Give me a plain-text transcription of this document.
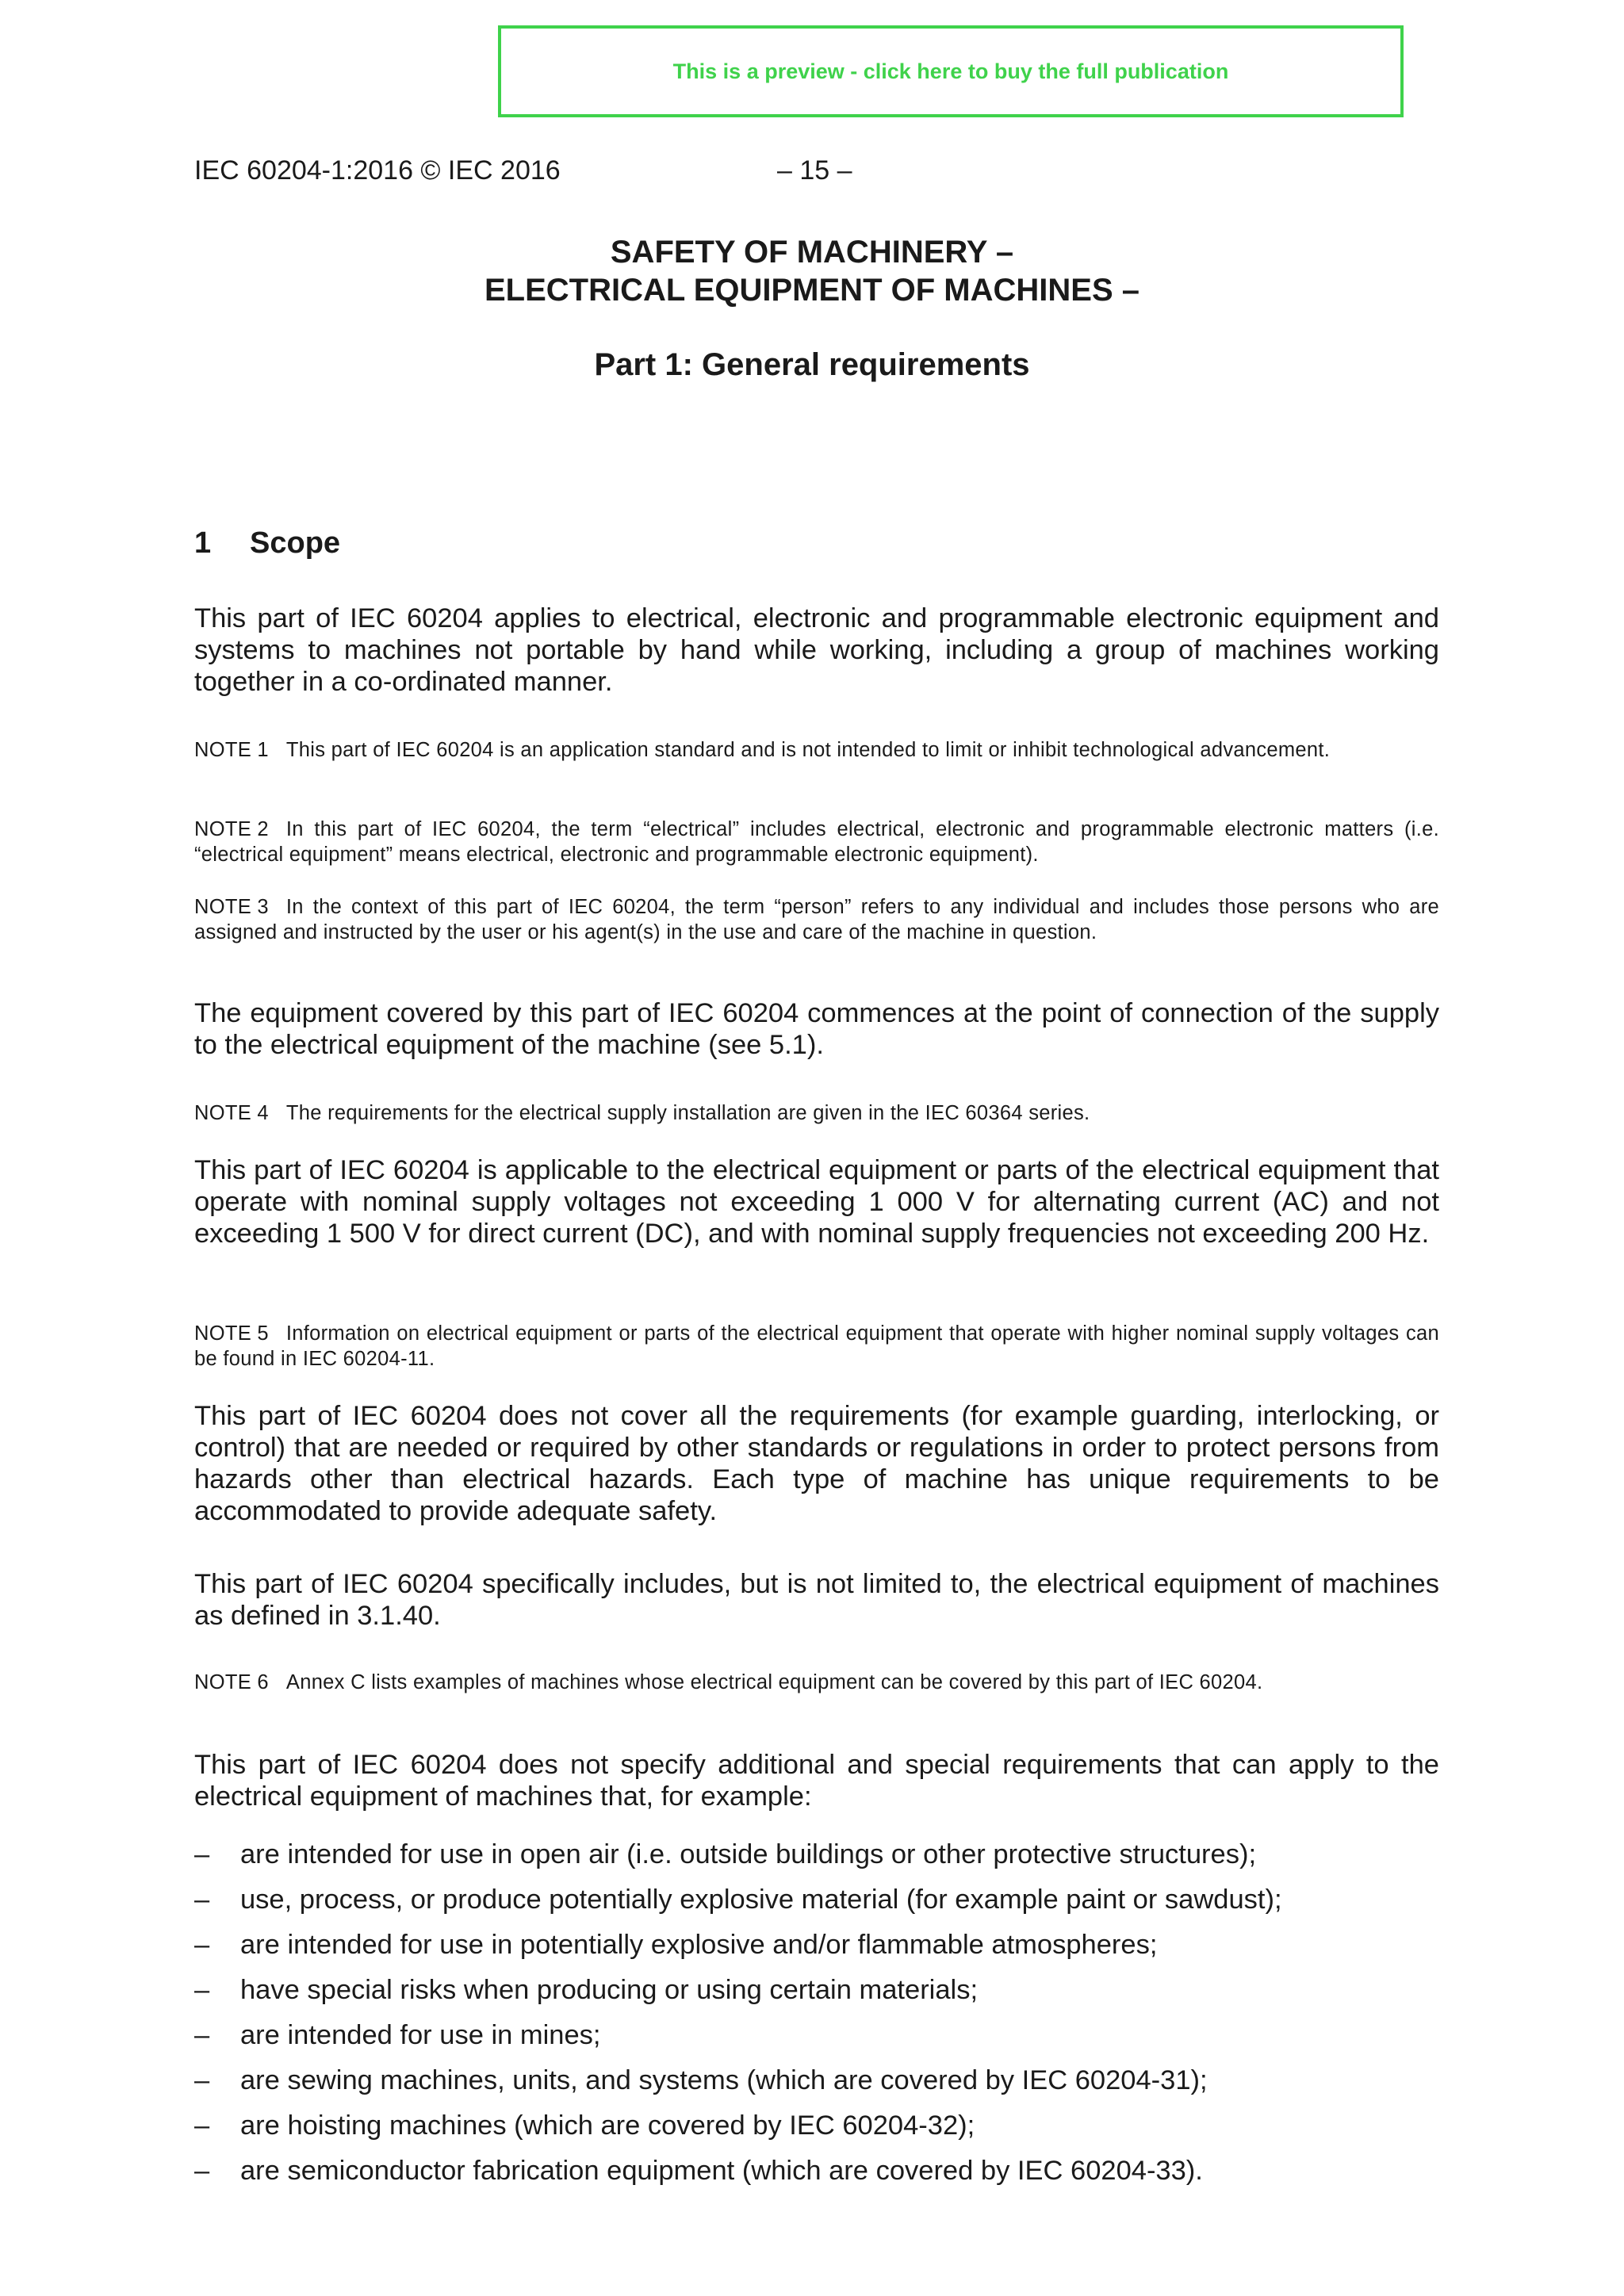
This is a preview - click here to buy the full publication
IEC 60204-1:2016 © IEC 2016	– 15 –
SAFETY OF MACHINERY –
ELECTRICAL EQUIPMENT OF MACHINES –
Part 1: General requirements
1 Scope
This part of IEC 60204 applies to electrical, electronic and programmable electronic equipment and systems to machines not portable by hand while working, including a group of machines working together in a co-ordinated manner.
NOTE 1 This part of IEC 60204 is an application standard and is not intended to limit or inhibit technological advancement.
NOTE 2 In this part of IEC 60204, the term “electrical” includes electrical, electronic and programmable electronic matters (i.e. “electrical equipment” means electrical, electronic and programmable electronic equipment).
NOTE 3 In the context of this part of IEC 60204, the term “person” refers to any individual and includes those persons who are assigned and instructed by the user or his agent(s) in the use and care of the machine in question.
The equipment covered by this part of IEC 60204 commences at the point of connection of the supply to the electrical equipment of the machine (see 5.1).
NOTE 4 The requirements for the electrical supply installation are given in the IEC 60364 series.
This part of IEC 60204 is applicable to the electrical equipment or parts of the electrical equipment that operate with nominal supply voltages not exceeding 1 000 V for alternating current (AC) and not exceeding 1 500 V for direct current (DC), and with nominal supply frequencies not exceeding 200 Hz.
NOTE 5 Information on electrical equipment or parts of the electrical equipment that operate with higher nominal supply voltages can be found in IEC 60204-11.
This part of IEC 60204 does not cover all the requirements (for example guarding, interlocking, or control) that are needed or required by other standards or regulations in order to protect persons from hazards other than electrical hazards. Each type of machine has unique requirements to be accommodated to provide adequate safety.
This part of IEC 60204 specifically includes, but is not limited to, the electrical equipment of machines as defined in 3.1.40.
NOTE 6 Annex C lists examples of machines whose electrical equipment can be covered by this part of IEC 60204.
This part of IEC 60204 does not specify additional and special requirements that can apply to the electrical equipment of machines that, for example:
– are intended for use in open air (i.e. outside buildings or other protective structures);
– use, process, or produce potentially explosive material (for example paint or sawdust);
– are intended for use in potentially explosive and/or flammable atmospheres;
– have special risks when producing or using certain materials;
– are intended for use in mines;
– are sewing machines, units, and systems (which are covered by IEC 60204-31);
– are hoisting machines (which are covered by IEC 60204-32);
– are semiconductor fabrication equipment (which are covered by IEC 60204-33).
